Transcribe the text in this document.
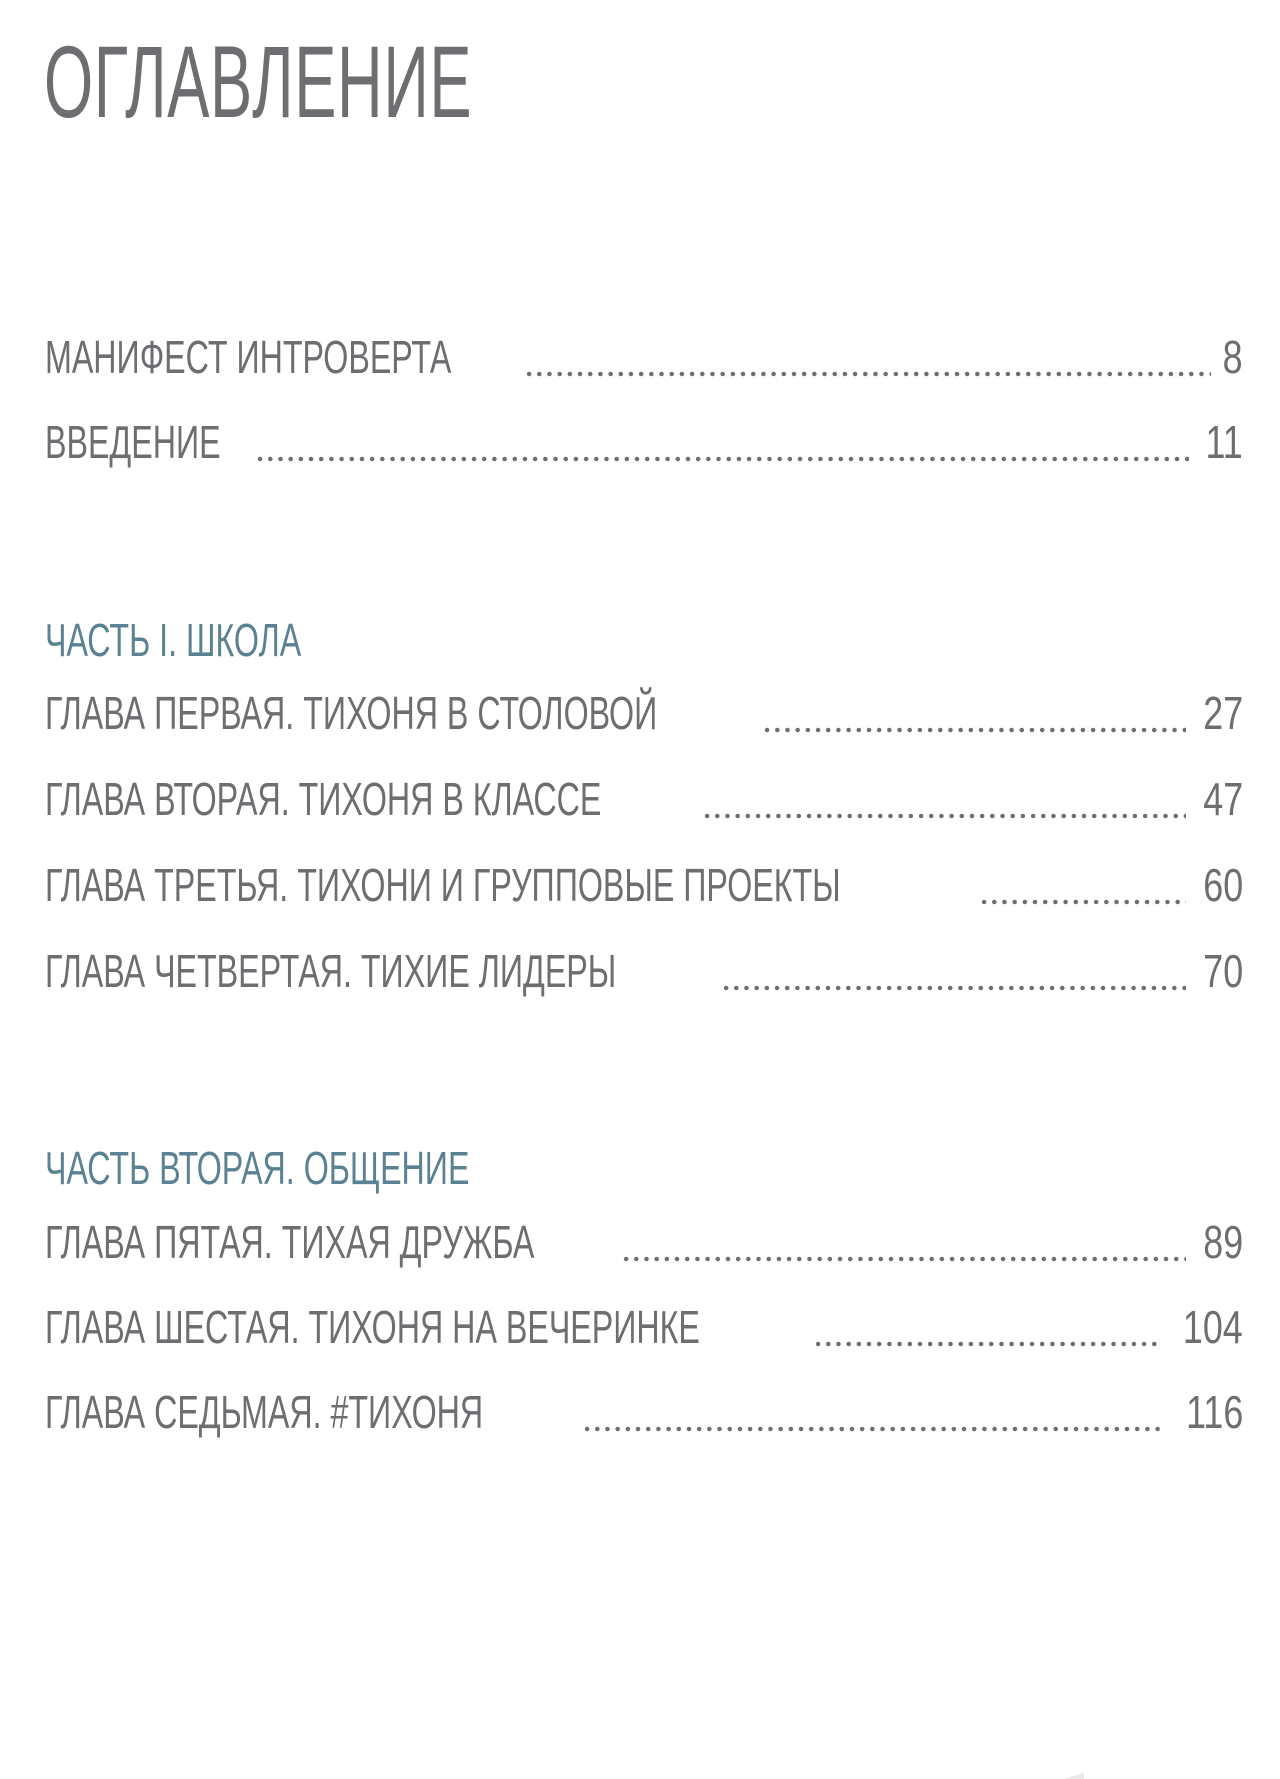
ОГЛАВЛЕНИЕ
МАНИФЕСТ ИНТРОВЕРТА	8
ВВЕДЕНИЕ	11
ЧАСТЬ I. ШКОЛА
ГЛАВА ПЕРВАЯ. ТИХОНЯ В СТОЛОВОЙ	27
ГЛАВА ВТОРАЯ. ТИХОНЯ В КЛАССЕ	47
ГЛАВА ТРЕТЬЯ. ТИХОНИ И ГРУППОВЫЕ ПРОЕКТЫ	60
ГЛАВА ЧЕТВЕРТАЯ. ТИХИЕ ЛИДЕРЫ	70
ЧАСТЬ ВТОРАЯ. ОБЩЕНИЕ
ГЛАВА ПЯТАЯ. ТИХАЯ ДРУЖБА	89
ГЛАВА ШЕСТАЯ. ТИХОНЯ НА ВЕЧЕРИНКЕ	104
ГЛАВА СЕДЬМАЯ. #ТИХОНЯ	116
